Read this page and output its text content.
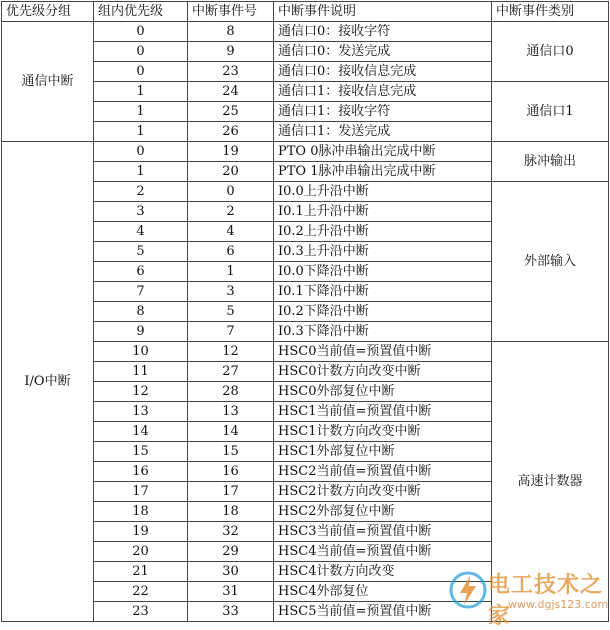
优先级分组	组内优先级	中断事件号	中断事件说明	中断事件类别
通信中断	0	8	通信口0：接收字符	通信口0
	0	9	通信口0：发送完成	
	0	23	通信口0：接收信息完成	
	1	24	通信口1：接收信息完成	通信口1
	1	25	通信口1：接收字符	
	1	26	通信口1：发送完成	
I/O中断	0	19	PTO 0脉冲串输出完成中断	脉冲输出
	1	20	PTO 1脉冲串输出完成中断	
	2	0	I0.0上升沿中断	外部输入
	3	2	I0.1上升沿中断	
	4	4	I0.2上升沿中断	
	5	6	I0.3上升沿中断	
	6	1	I0.0下降沿中断	
	7	3	I0.1下降沿中断	
	8	5	I0.2下降沿中断	
	9	7	I0.3下降沿中断	
	10	12	HSC0当前值=预置值中断	高速计数器
	11	27	HSC0计数方向改变中断	
	12	28	HSC0外部复位中断	
	13	13	HSC1当前值=预置值中断	
	14	14	HSC1计数方向改变中断	
	15	15	HSC1外部复位中断	
	16	16	HSC2当前值=预置值中断	
	17	17	HSC2计数方向改变中断	
	18	18	HSC2外部复位中断	
	19	32	HSC3当前值=预置值中断	
	20	29	HSC4当前值=预置值中断	
	21	30	HSC4计数方向改变	
	22	31	HSC4外部复位	
	23	33	HSC5当前值=预置值中断	
电工技术之家
www.dgjs123.com
